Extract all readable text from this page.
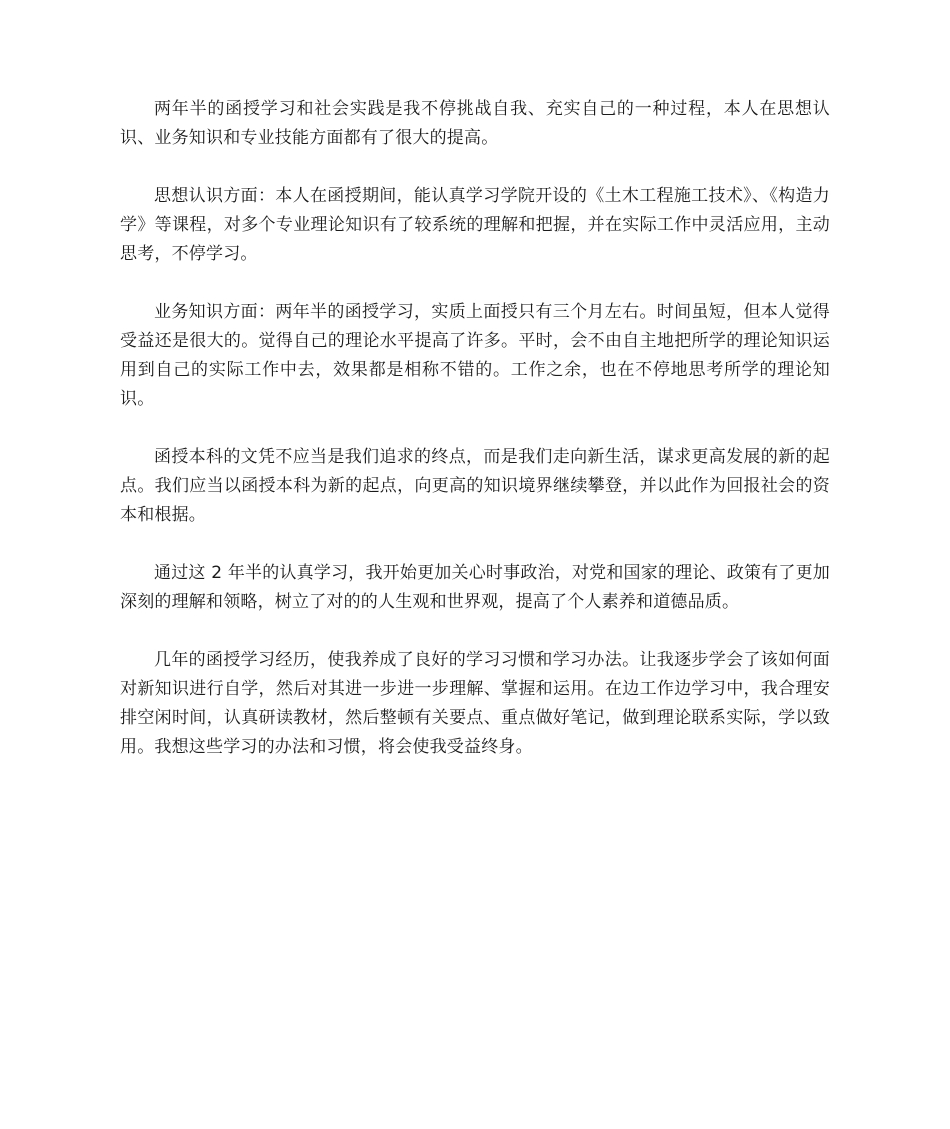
两年半的函授学习和社会实践是我不停挑战自我、充实自己的一种过程，本人在思想认识、业务知识和专业技能方面都有了很大的提高。

思想认识方面：本人在函授期间，能认真学习学院开设的《土木工程施工技术》、《构造力学》等课程，对多个专业理论知识有了较系统的理解和把握，并在实际工作中灵活应用，主动思考，不停学习。

业务知识方面：两年半的函授学习，实质上面授只有三个月左右。时间虽短，但本人觉得受益还是很大的。觉得自己的理论水平提高了许多。平时，会不由自主地把所学的理论知识运用到自己的实际工作中去，效果都是相称不错的。工作之余，也在不停地思考所学的理论知识。

函授本科的文凭不应当是我们追求的终点，而是我们走向新生活，谋求更高发展的新的起点。我们应当以函授本科为新的起点，向更高的知识境界继续攀登，并以此作为回报社会的资本和根据。

通过这 2 年半的认真学习，我开始更加关心时事政治，对党和国家的理论、政策有了更加深刻的理解和领略，树立了对的的人生观和世界观，提高了个人素养和道德品质。

几年的函授学习经历，使我养成了良好的学习习惯和学习办法。让我逐步学会了该如何面对新知识进行自学，然后对其进一步进一步理解、掌握和运用。在边工作边学习中，我合理安排空闲时间，认真研读教材，然后整顿有关要点、重点做好笔记，做到理论联系实际，学以致用。我想这些学习的办法和习惯，将会使我受益终身。
